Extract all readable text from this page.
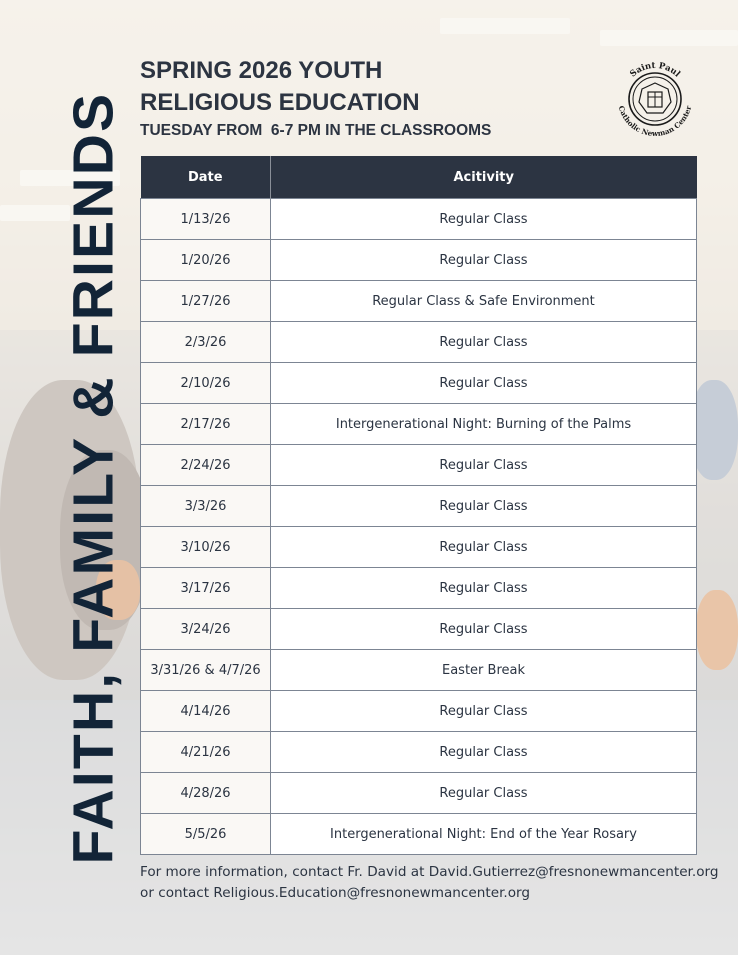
FAITH, FAMILY & FRIENDS
SPRING 2026 YOUTH
RELIGIOUS EDUCATION
TUESDAY FROM  6-7 PM IN THE CLASSROOMS
Saint Paul
Catholic Newman Center
Date	Acitivity
1/13/26	Regular Class
1/20/26	Regular Class
1/27/26	Regular Class & Safe Environment
2/3/26	Regular Class
2/10/26	Regular Class
2/17/26	Intergenerational Night: Burning of the Palms
2/24/26	Regular Class
3/3/26	Regular Class
3/10/26	Regular Class
3/17/26	Regular Class
3/24/26	Regular Class
3/31/26 & 4/7/26	Easter Break
4/14/26	Regular Class
4/21/26	Regular Class
4/28/26	Regular Class
5/5/26	Intergenerational Night: End of the Year Rosary
For more information, contact Fr. David at David.Gutierrez@fresnonewmancenter.org
or contact Religious.Education@fresnonewmancenter.org
